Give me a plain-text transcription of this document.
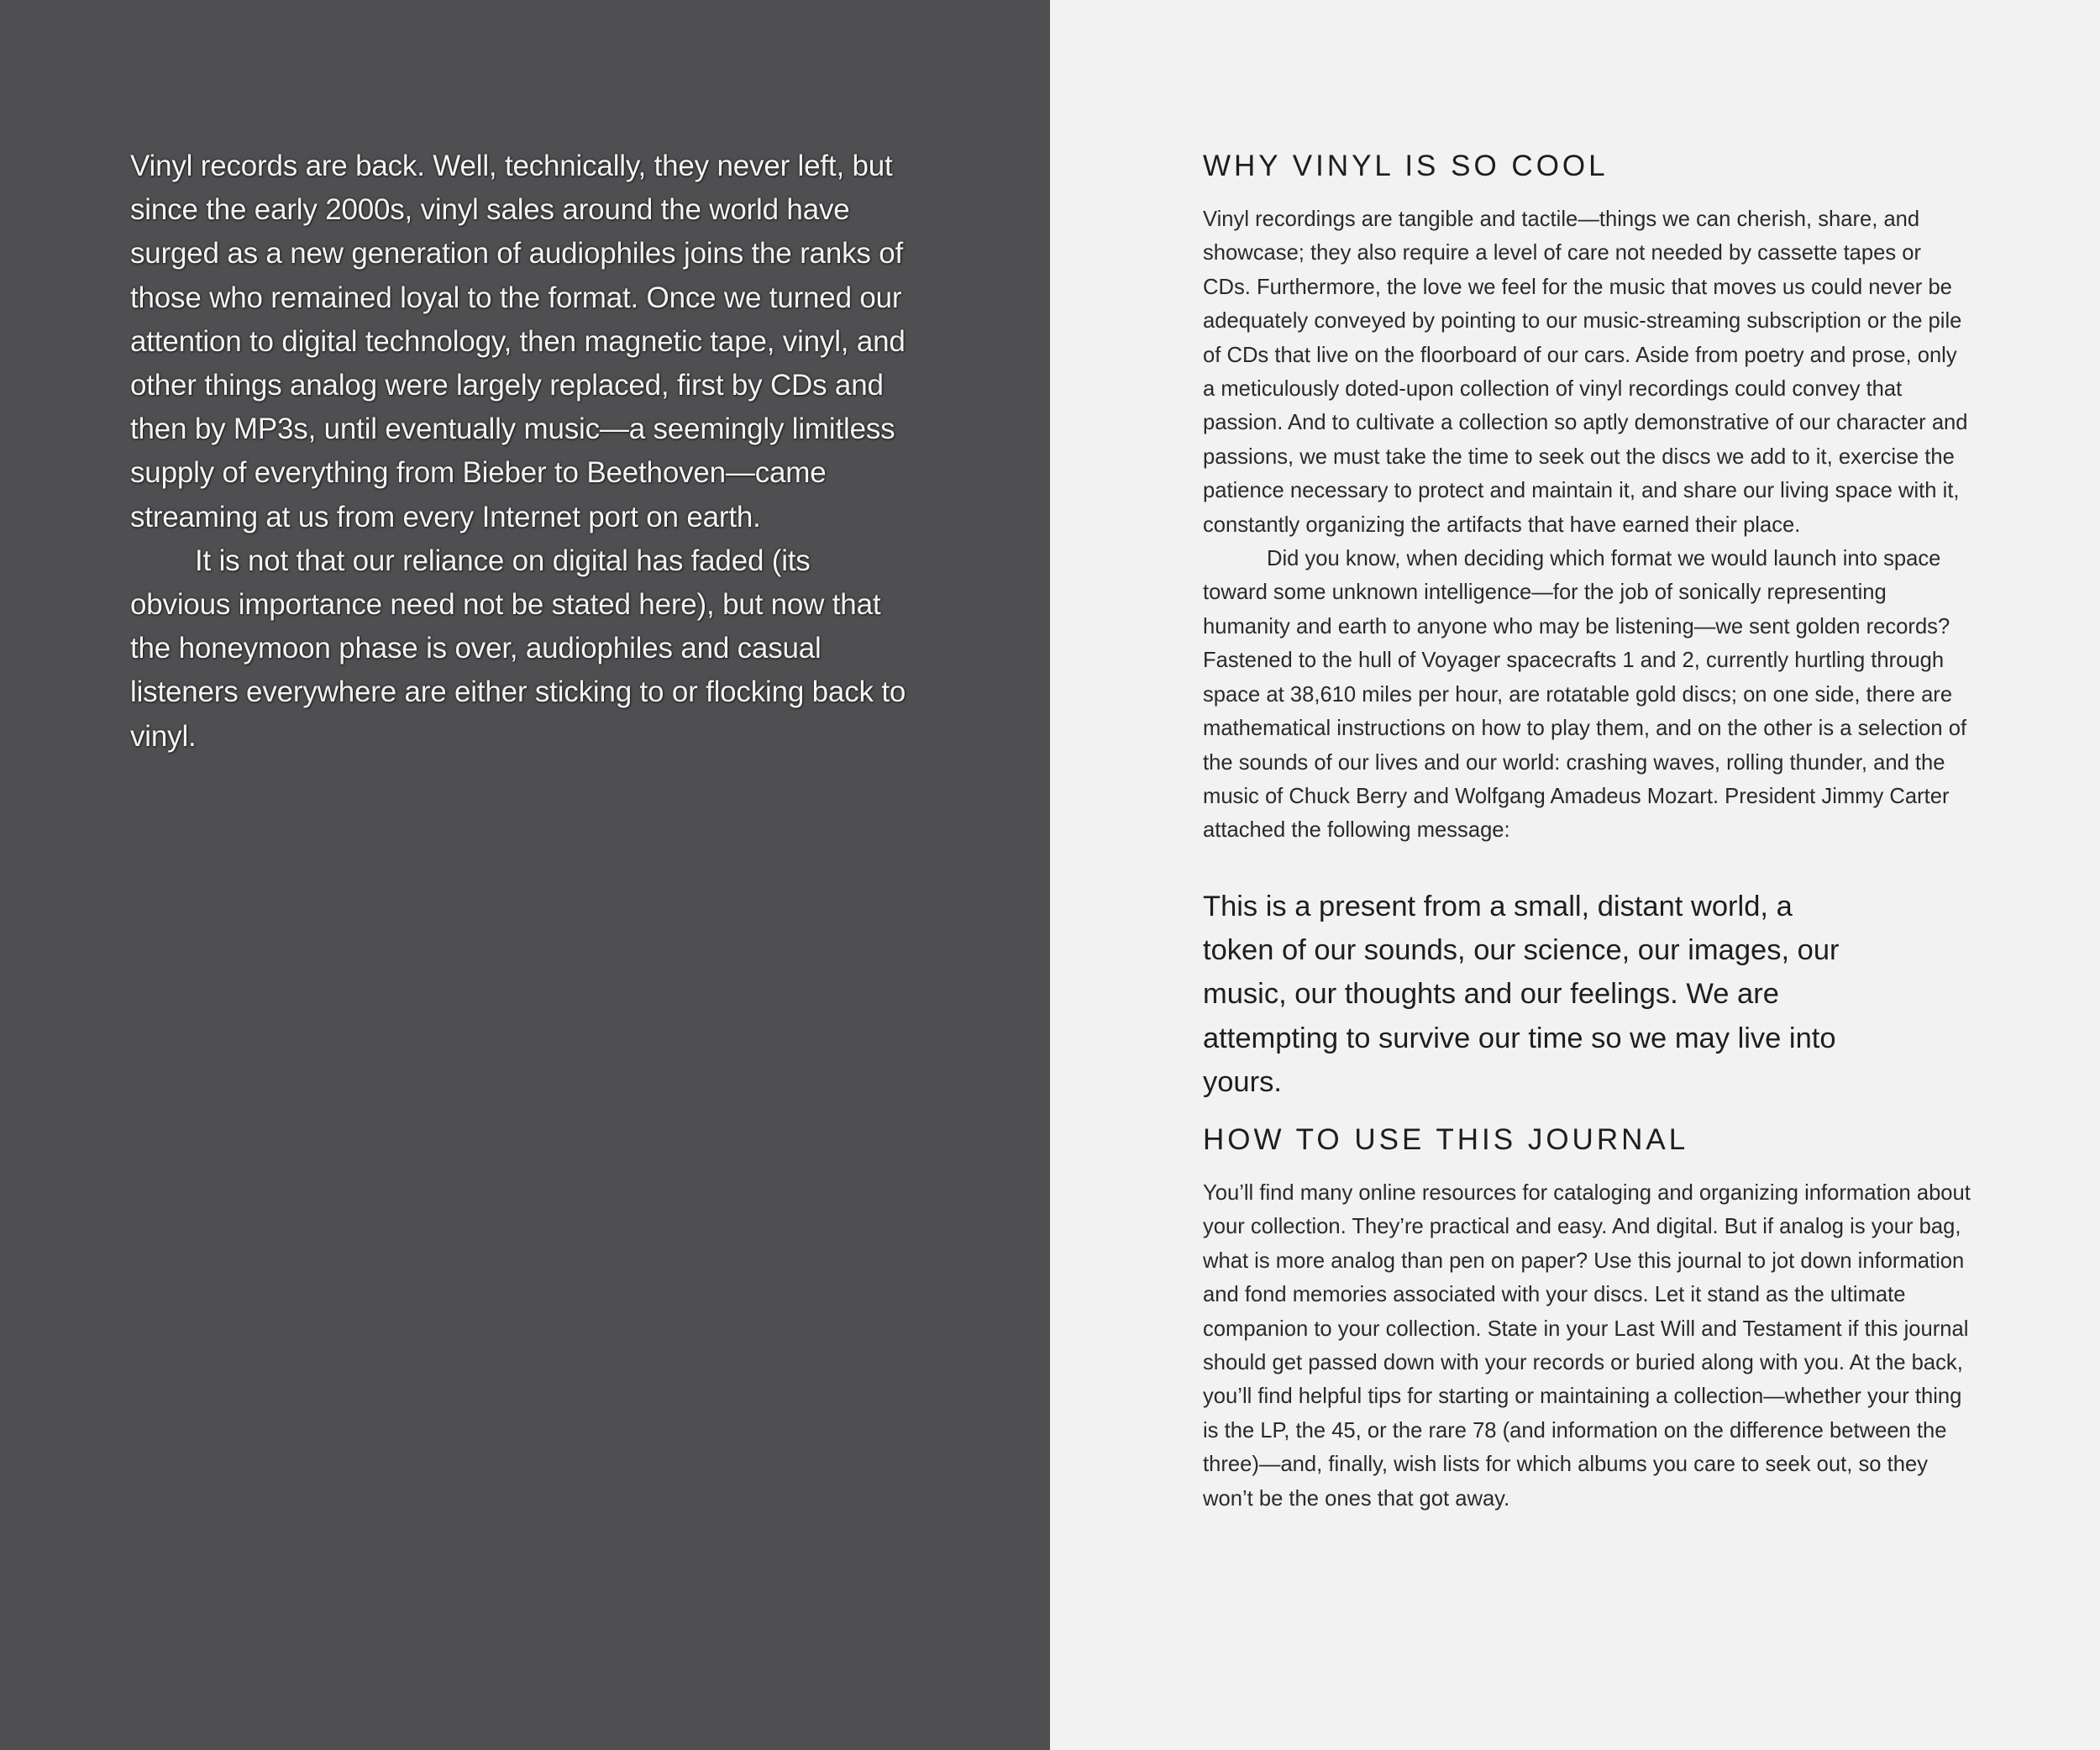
Vinyl records are back. Well, technically, they never left, but since the early 2000s, vinyl sales around the world have surged as a new generation of audiophiles joins the ranks of those who remained loyal to the format. Once we turned our attention to digital technology, then magnetic tape, vinyl, and other things analog were largely replaced, first by CDs and then by MP3s, until eventually music—a seemingly limitless supply of everything from Bieber to Beethoven—came streaming at us from every Internet port on earth.

It is not that our reliance on digital has faded (its obvious importance need not be stated here), but now that the honeymoon phase is over, audiophiles and casual listeners everywhere are either sticking to or flocking back to vinyl.

WHY VINYL IS SO COOL

Vinyl recordings are tangible and tactile—things we can cherish, share, and showcase; they also require a level of care not needed by cassette tapes or CDs. Furthermore, the love we feel for the music that moves us could never be adequately conveyed by pointing to our music-streaming subscription or the pile of CDs that live on the floorboard of our cars. Aside from poetry and prose, only a meticulously doted-upon collection of vinyl recordings could convey that passion. And to cultivate a collection so aptly demonstrative of our character and passions, we must take the time to seek out the discs we add to it, exercise the patience necessary to protect and maintain it, and share our living space with it, constantly organizing the artifacts that have earned their place.

Did you know, when deciding which format we would launch into space toward some unknown intelligence—for the job of sonically representing humanity and earth to anyone who may be listening—we sent golden records? Fastened to the hull of Voyager spacecrafts 1 and 2, currently hurtling through space at 38,610 miles per hour, are rotatable gold discs; on one side, there are mathematical instructions on how to play them, and on the other is a selection of the sounds of our lives and our world: crashing waves, rolling thunder, and the music of Chuck Berry and Wolfgang Amadeus Mozart. President Jimmy Carter attached the following message:

This is a present from a small, distant world, a token of our sounds, our science, our images, our music, our thoughts and our feelings. We are attempting to survive our time so we may live into yours.

HOW TO USE THIS JOURNAL

You’ll find many online resources for cataloging and organizing information about your collection. They’re practical and easy. And digital. But if analog is your bag, what is more analog than pen on paper? Use this journal to jot down information and fond memories associated with your discs. Let it stand as the ultimate companion to your collection. State in your Last Will and Testament if this journal should get passed down with your records or buried along with you. At the back, you’ll find helpful tips for starting or maintaining a collection—whether your thing is the LP, the 45, or the rare 78 (and information on the difference between the three)—and, finally, wish lists for which albums you care to seek out, so they won’t be the ones that got away.
